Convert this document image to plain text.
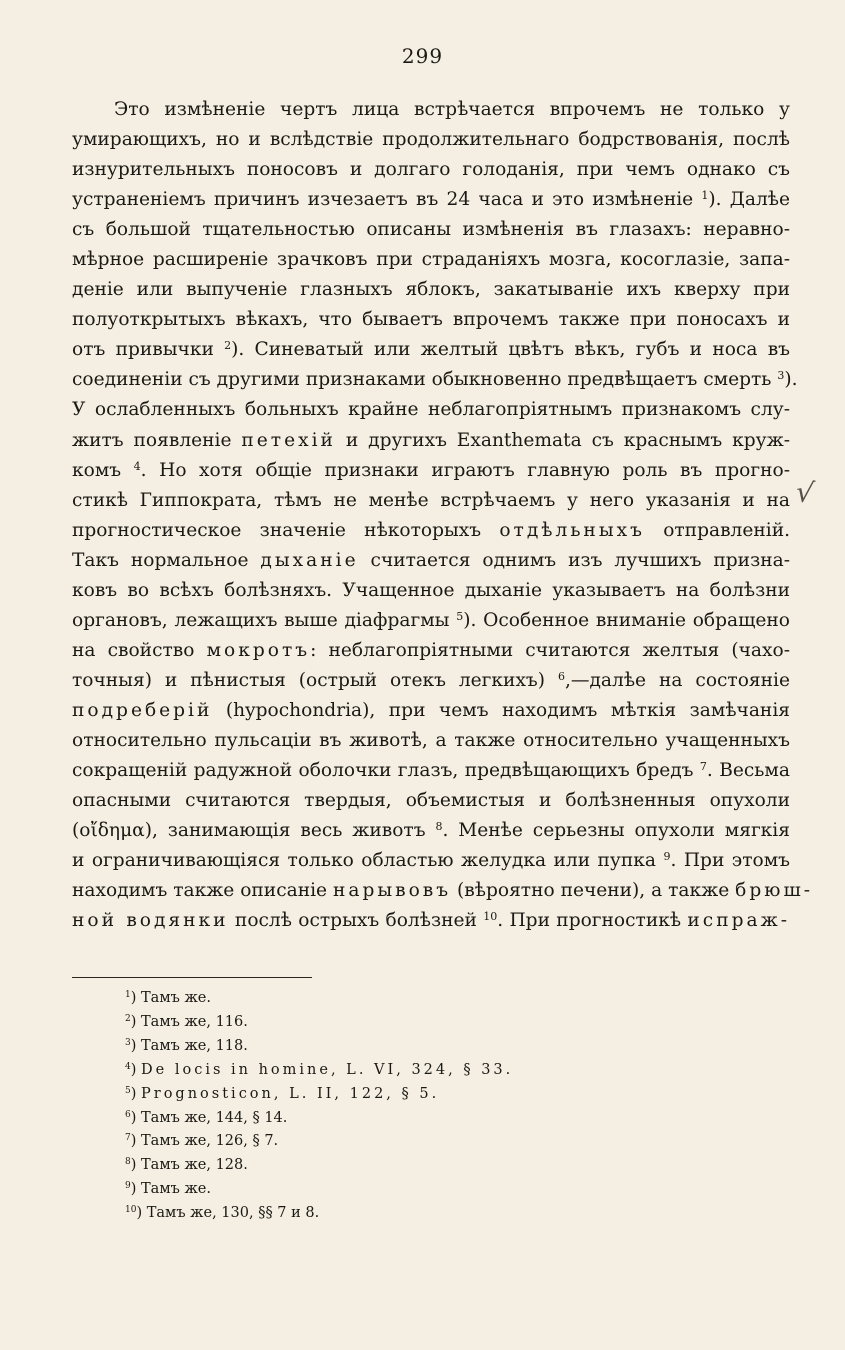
299
Это измѣненіе чертъ лица встрѣчается впрочемъ не только у
умирающихъ, но и вслѣдствіе продолжительнаго бодрствованія, послѣ
изнурительныхъ поносовъ и долгаго голоданія, при чемъ однако съ
устраненіемъ причинъ изчезаетъ въ 24 часа и это измѣненіе $^1$). Далѣе
съ большой тщательностью описаны измѣненія въ глазахъ: неравно-
мѣрное расширеніе зрачковъ при страданіяхъ мозга, косоглазіе, запа-
деніе или выпученіе глазныхъ яблокъ, закатываніе ихъ кверху при
полуоткрытыхъ вѣкахъ, что бываетъ впрочемъ также при поносахъ и
отъ привычки $^2$). Синеватый или желтый цвѣтъ вѣкъ, губъ и носа въ
соединеніи съ другими признаками обыкновенно предвѣщаетъ смерть $^3$).
У ослабленныхъ больныхъ крайне неблагопріятнымъ признакомъ слу-
житъ появленіе петехій и другихъ Exanthemata съ краснымъ круж-
комъ $^4$. Но хотя общіе признаки играютъ главную роль въ прогно-
стикѣ Гиппократа, тѣмъ не менѣе встрѣчаемъ у него указанія и на
прогностическое значеніе нѣкоторыхъ отдѣльныхъ отправленій.
Такъ нормальное дыханіе считается однимъ изъ лучшихъ призна-
ковъ во всѣхъ болѣзняхъ. Учащенное дыханіе указываетъ на болѣзни
органовъ, лежащихъ выше діафрагмы $^5$). Особенное вниманіе обращено
на свойство мокротъ: неблагопріятными считаются желтыя (чахо-
точныя) и пѣнистыя (острый отекъ легкихъ) $^6$,—далѣе на состояніе
подреберій (hypochondria), при чемъ находимъ мѣткія замѣчанія
относительно пульсаціи въ животѣ, а также относительно учащенныхъ
сокращеній радужной оболочки глазъ, предвѣщающихъ бредъ $^7$. Весьма
опасными считаются твердыя, объемистыя и болѣзненныя опухоли
(οἴδημα), занимающія весь животъ $^8$. Менѣе серьезны опухоли мягкія
и ограничивающіяся только областью желудка или пупка $^9$. При этомъ
находимъ также описаніе нарывовъ (вѣроятно печени), а также брюш-
ной водянки послѣ острыхъ болѣзней $^{10}$. При прогностикѣ испраж-
√
$^1$) Тамъ же.
$^2$) Тамъ же, 116.
$^3$) Тамъ же, 118.
$^4$) De locis in homine, L. VI, 324, § 33.
$^5$) Prognosticon, L. II, 122, § 5.
$^6$) Тамъ же, 144, § 14.
$^7$) Тамъ же, 126, § 7.
$^8$) Тамъ же, 128.
$^9$) Тамъ же.
$^{10}$) Тамъ же, 130, §§ 7 и 8.
